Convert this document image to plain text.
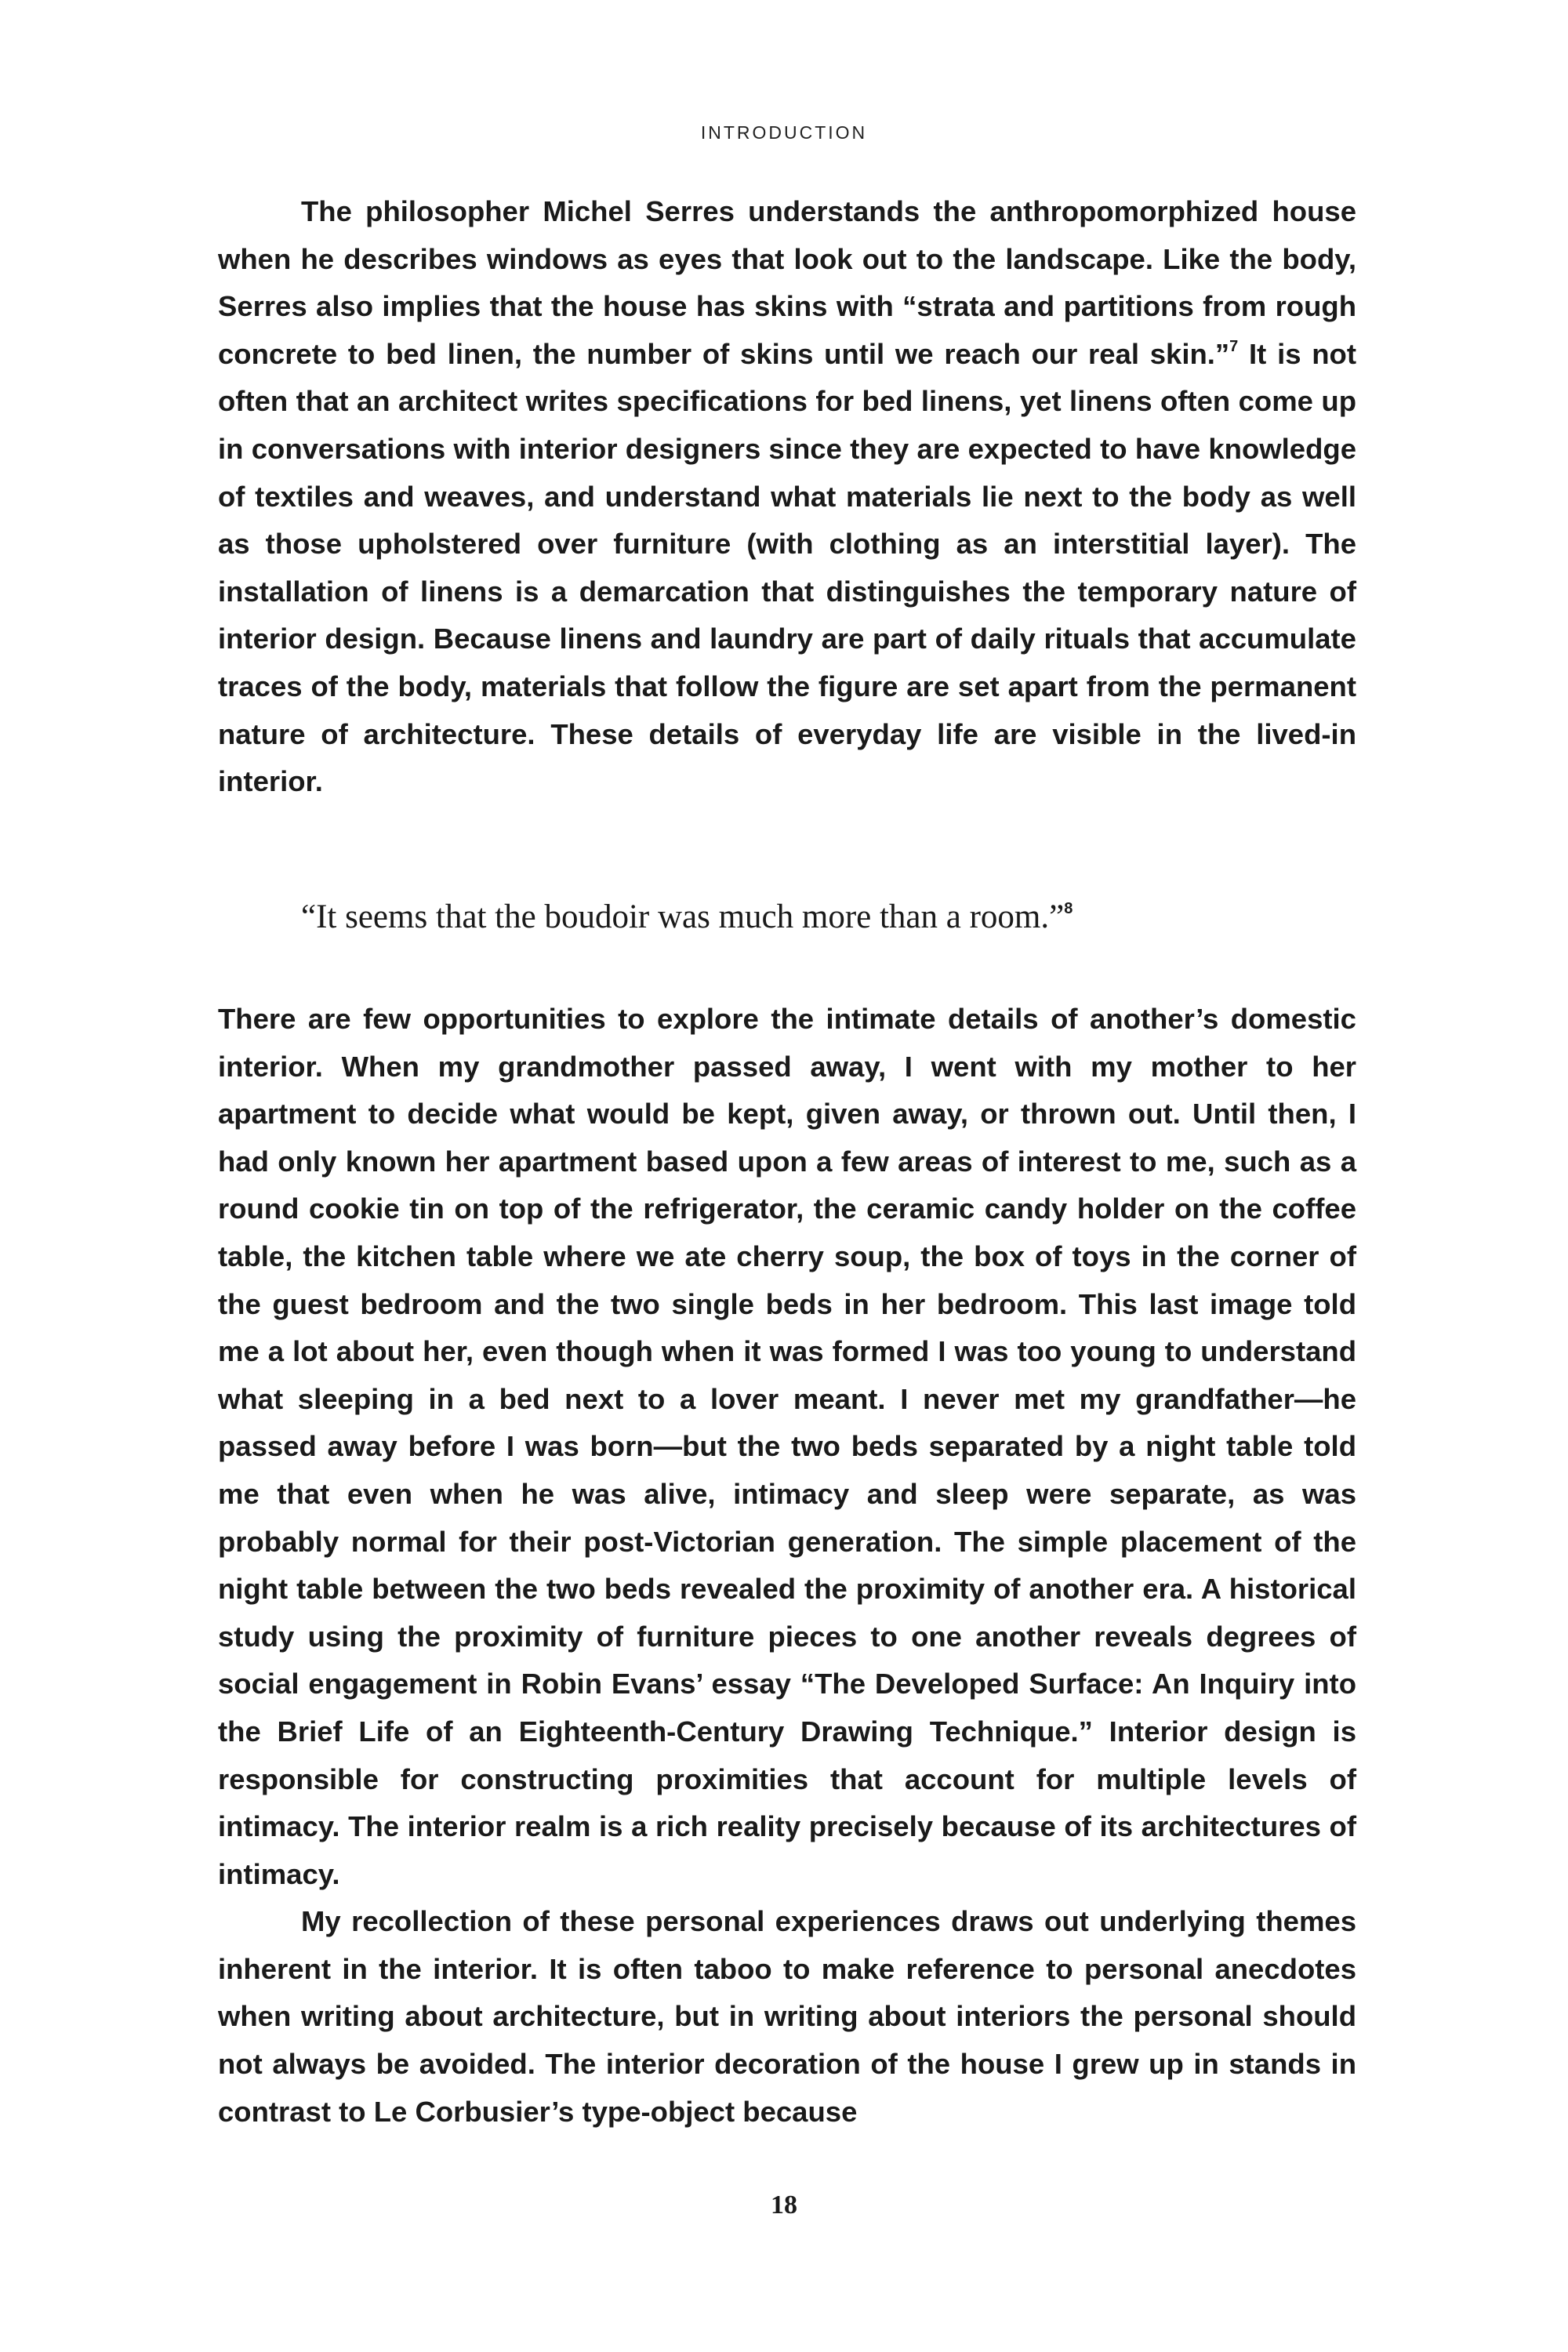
INTRODUCTION

The philosopher Michel Serres understands the anthropomorphized house when he describes windows as eyes that look out to the landscape. Like the body, Serres also implies that the house has skins with “strata and partitions from rough concrete to bed linen, the number of skins until we reach our real skin.”$^7$ It is not often that an architect writes specifications for bed linens, yet linens often come up in conversations with interior designers since they are expected to have knowledge of textiles and weaves, and understand what materials lie next to the body as well as those upholstered over furniture (with clothing as an interstitial layer). The installation of linens is a demarcation that distinguishes the temporary nature of interior design. Because linens and laundry are part of daily rituals that accumulate traces of the body, materials that follow the figure are set apart from the permanent nature of architecture. These details of everyday life are visible in the lived-in interior.

“It seems that the boudoir was much more than a room.”$^8$

There are few opportunities to explore the intimate details of another’s domestic interior. When my grandmother passed away, I went with my mother to her apartment to decide what would be kept, given away, or thrown out. Until then, I had only known her apartment based upon a few areas of interest to me, such as a round cookie tin on top of the refrigerator, the ceramic candy holder on the coffee table, the kitchen table where we ate cherry soup, the box of toys in the corner of the guest bedroom and the two single beds in her bedroom. This last image told me a lot about her, even though when it was formed I was too young to understand what sleeping in a bed next to a lover meant. I never met my grandfather—he passed away before I was born—but the two beds separated by a night table told me that even when he was alive, intimacy and sleep were separate, as was probably normal for their post-Victorian generation. The simple placement of the night table between the two beds revealed the proximity of another era. A historical study using the proximity of furniture pieces to one another reveals degrees of social engagement in Robin Evans’ essay “The Developed Surface: An Inquiry into the Brief Life of an Eighteenth-Century Drawing Technique.” Interior design is responsible for constructing proximities that account for multiple levels of intimacy. The interior realm is a rich reality precisely because of its architectures of intimacy.

My recollection of these personal experiences draws out underlying themes inherent in the interior. It is often taboo to make reference to personal anecdotes when writing about architecture, but in writing about interiors the personal should not always be avoided. The interior decoration of the house I grew up in stands in contrast to Le Corbusier’s type-object because

18
